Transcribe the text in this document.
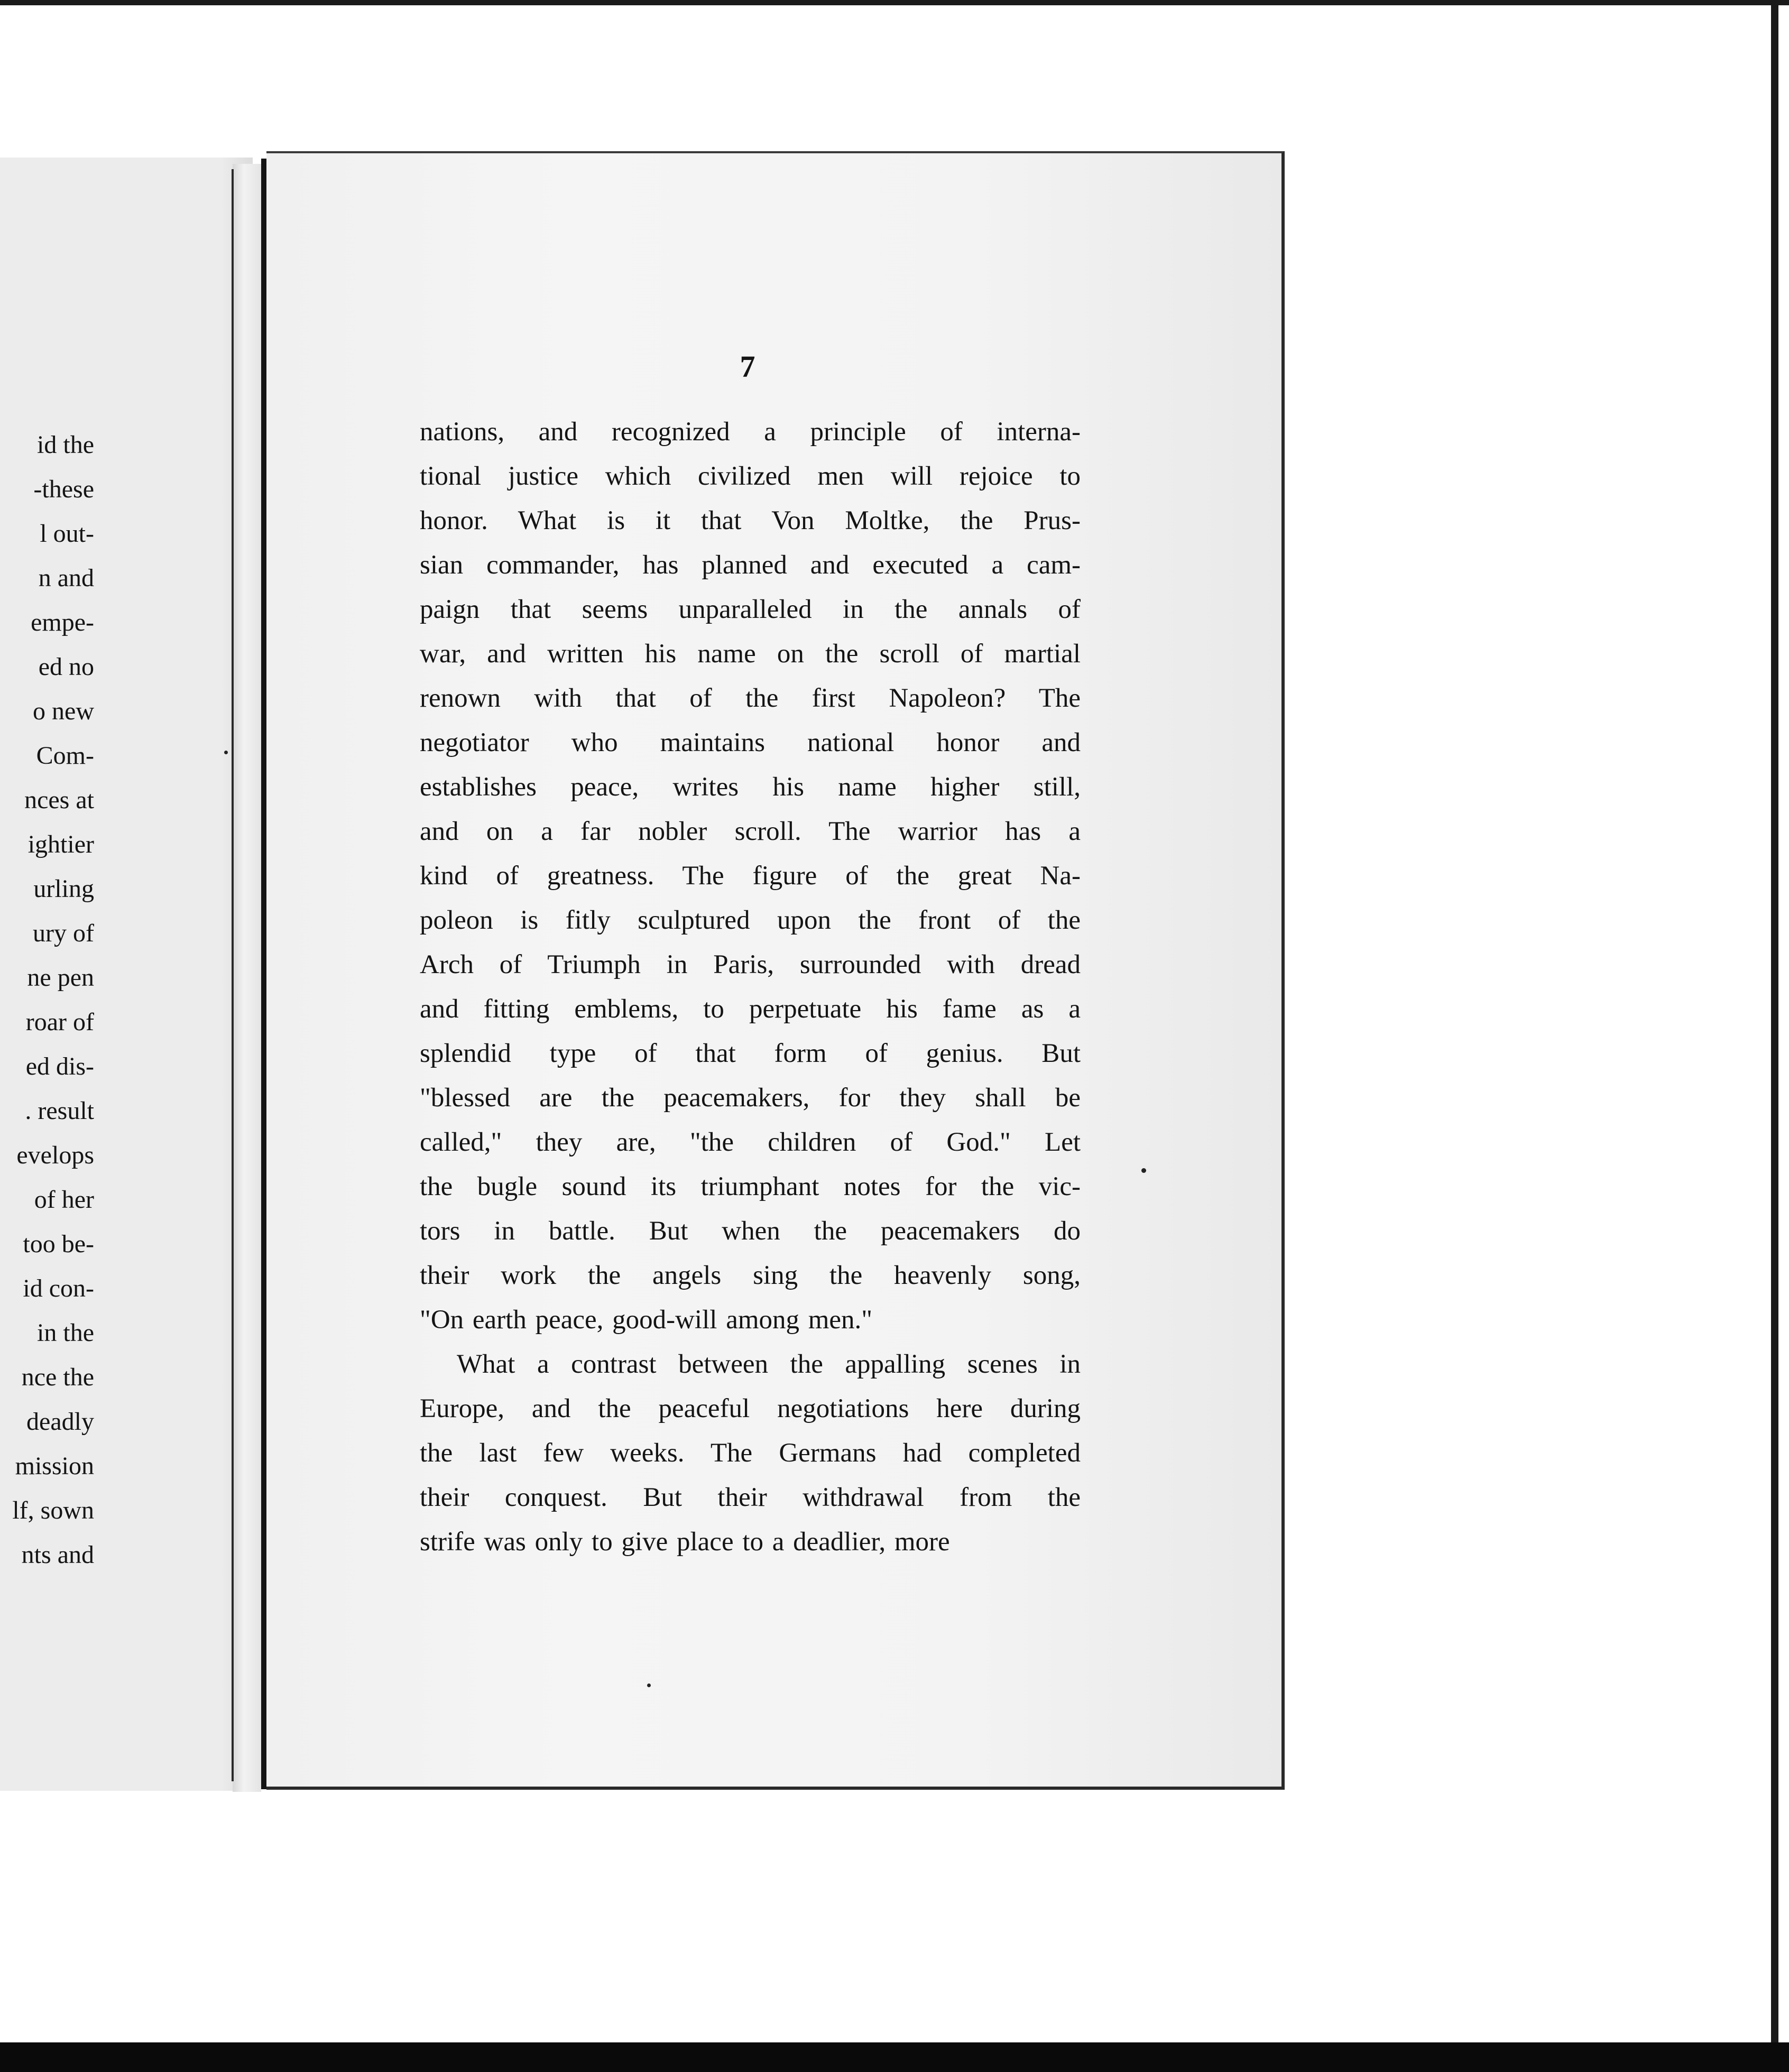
id the
-these
l out-
n and
empe-
ed no
o new
Com-
nces at
ightier
urling
ury of
ne pen
roar of
ed dis-
. result
evelops
of her
too be-
id con-
in the
nce the
deadly
mission
lf, sown
nts and
7
nations, and recognized a principle of interna-
tional justice which civilized men will rejoice to
honor. What is it that Von Moltke, the Prus-
sian commander, has planned and executed a cam-
paign that seems unparalleled in the annals of
war, and written his name on the scroll of martial
renown with that of the first Napoleon? The
negotiator who maintains national honor and
establishes peace, writes his name higher still,
and on a far nobler scroll. The warrior has a
kind of greatness. The figure of the great Na-
poleon is fitly sculptured upon the front of the
Arch of Triumph in Paris, surrounded with dread
and fitting emblems, to perpetuate his fame as a
splendid type of that form of genius. But
"blessed are the peacemakers, for they shall be
called," they are, "the children of God." Let
the bugle sound its triumphant notes for the vic-
tors in battle. But when the peacemakers do
their work the angels sing the heavenly song,
"On earth peace, good-will among men."
What a contrast between the appalling scenes in
Europe, and the peaceful negotiations here during
the last few weeks. The Germans had completed
their conquest. But their withdrawal from the
strife was only to give place to a deadlier, more
